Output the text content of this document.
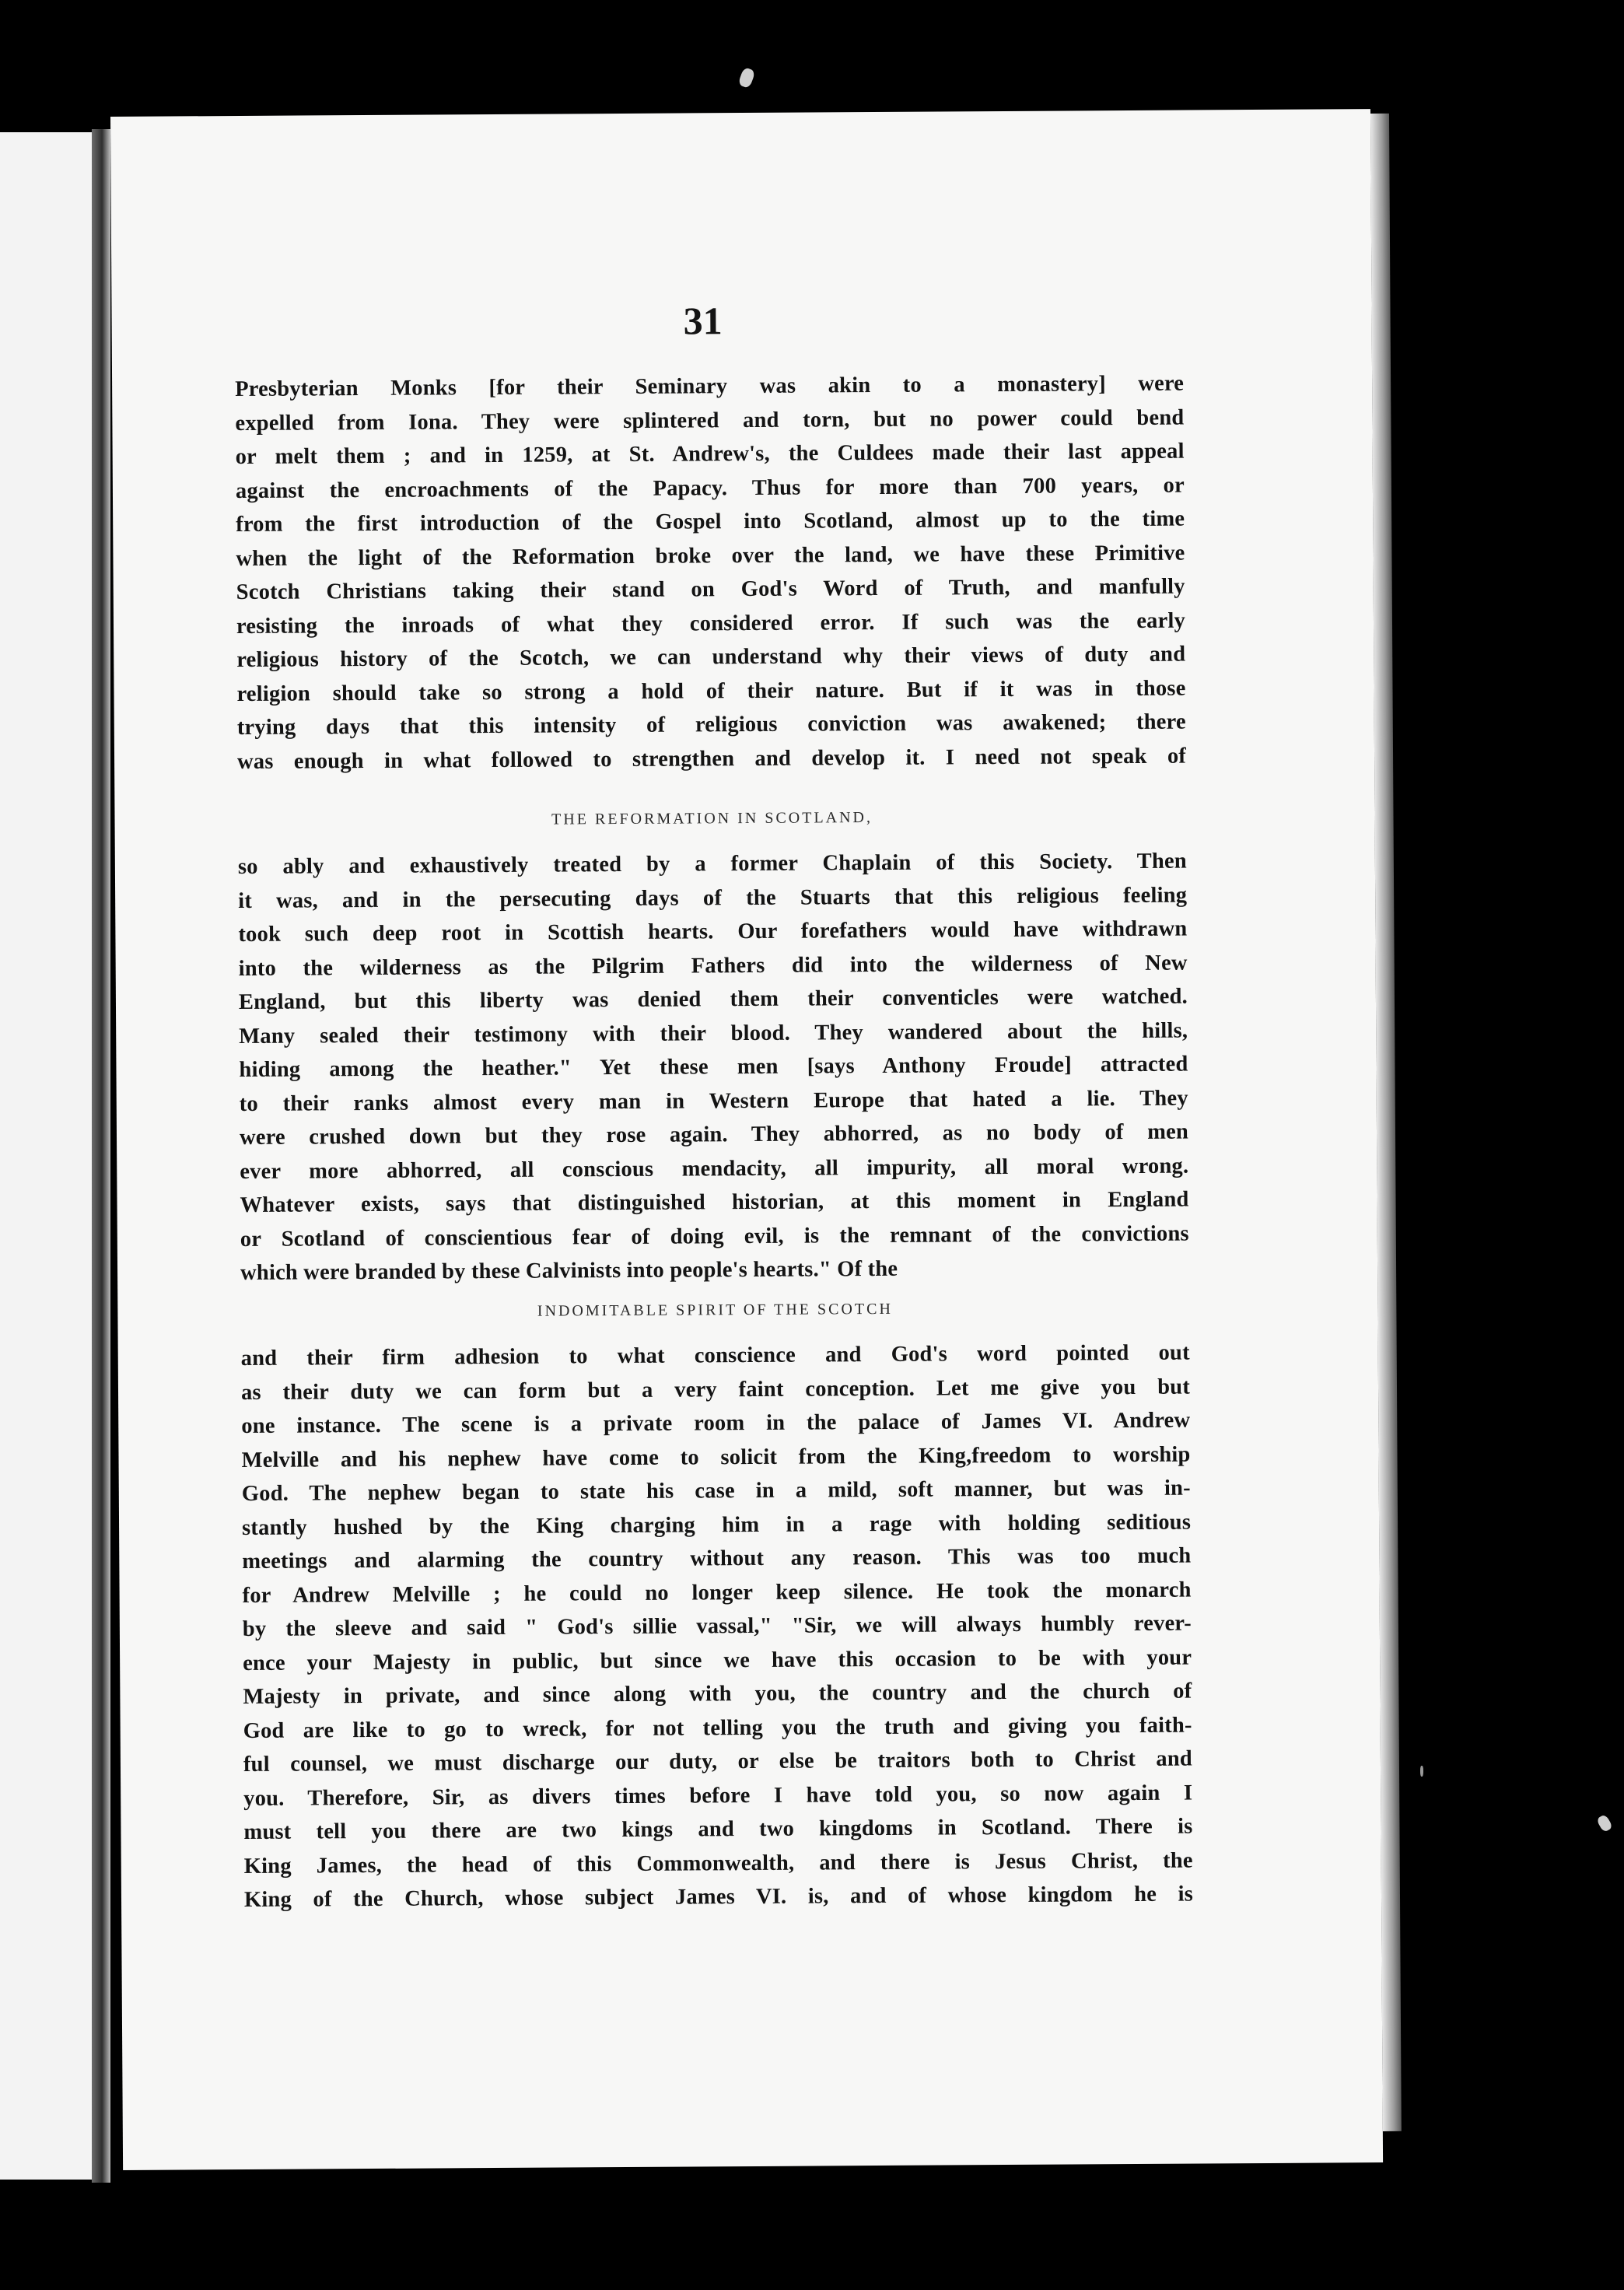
31
Presbyterian Monks [for their Seminary was akin to a monastery] were
expelled from Iona. They were splintered and torn, but no power could bend
or melt them ; and in 1259, at St. Andrew's, the Culdees made their last appeal
against the encroachments of the Papacy. Thus for more than 700 years, or
from the first introduction of the Gospel into Scotland, almost up to the time
when the light of the Reformation broke over the land, we have these Primitive
Scotch Christians taking their stand on God's Word of Truth, and manfully
resisting the inroads of what they considered error. If such was the early
religious history of the Scotch, we can understand why their views of duty and
religion should take so strong a hold of their nature. But if it was in those
trying days that this intensity of religious conviction was awakened; there
was enough in what followed to strengthen and develop it. I need not speak of
THE REFORMATION IN SCOTLAND,
so ably and exhaustively treated by a former Chaplain of this Society. Then
it was, and in the persecuting days of the Stuarts that this religious feeling
took such deep root in Scottish hearts. Our forefathers would have withdrawn
into the wilderness as the Pilgrim Fathers did into the wilderness of New
England, but this liberty was denied them their conventicles were watched.
Many sealed their testimony with their blood. They wandered about the hills,
hiding among the heather." Yet these men [says Anthony Froude] attracted
to their ranks almost every man in Western Europe that hated a lie. They
were crushed down but they rose again. They abhorred, as no body of men
ever more abhorred, all conscious mendacity, all impurity, all moral wrong.
Whatever exists, says that distinguished historian, at this moment in England
or Scotland of conscientious fear of doing evil, is the remnant of the convictions
which were branded by these Calvinists into people's hearts." Of the
INDOMITABLE SPIRIT OF THE SCOTCH
and their firm adhesion to what conscience and God's word pointed out
as their duty we can form but a very faint conception. Let me give you but
one instance. The scene is a private room in the palace of James VI. Andrew
Melville and his nephew have come to solicit from the King,freedom to worship
God. The nephew began to state his case in a mild, soft manner, but was in-
stantly hushed by the King charging him in a rage with holding seditious
meetings and alarming the country without any reason. This was too much
for Andrew Melville ; he could no longer keep silence. He took the monarch
by the sleeve and said " God's sillie vassal," "Sir, we will always humbly rever-
ence your Majesty in public, but since we have this occasion to be with your
Majesty in private, and since along with you, the country and the church of
God are like to go to wreck, for not telling you the truth and giving you faith-
ful counsel, we must discharge our duty, or else be traitors both to Christ and
you. Therefore, Sir, as divers times before I have told you, so now again I
must tell you there are two kings and two kingdoms in Scotland. There is
King James, the head of this Commonwealth, and there is Jesus Christ, the
King of the Church, whose subject James VI. is, and of whose kingdom he is
